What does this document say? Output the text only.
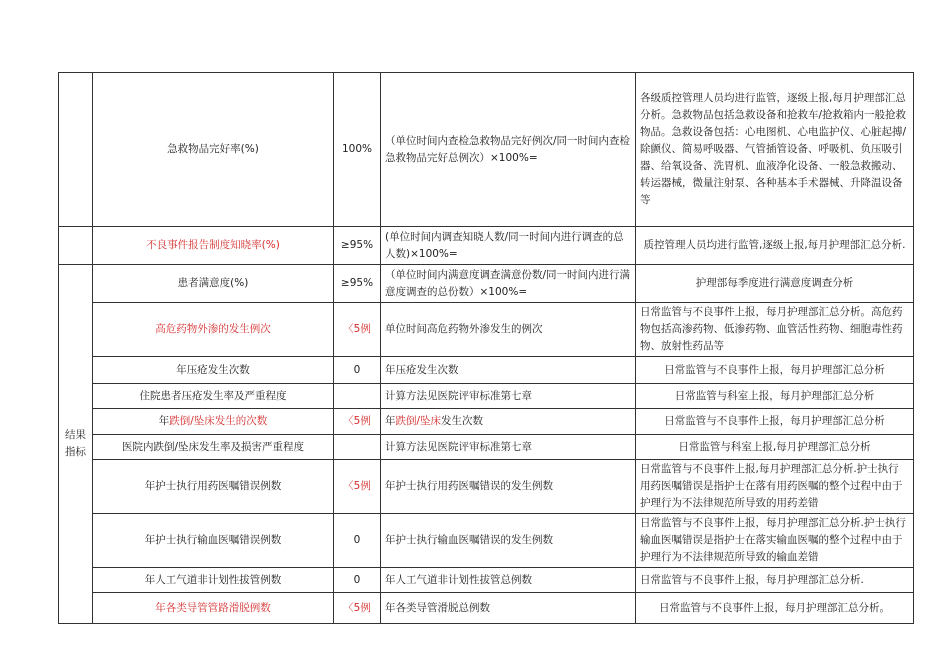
	急救物品完好率(%)	100%	（单位时间内查检急救物品完好例次/同一时间内查检急救物品完好总例次）×100%=	各级质控管理人员均进行监管，逐级上报,每月护理部汇总分析。急救物品包括急救设备和抢救车/抢救箱内一般抢救物品。急救设备包括：心电图机、心电监护仪、心脏起搏/除颤仪、简易呼吸器、气管插管设备、呼吸机、负压吸引器、给氧设备、洗胃机、血液净化设备、一般急救搬动、转运器械，微量注射泵、各种基本手术器械、升降温设备等
	不良事件报告制度知晓率(%)	≥95%	(单位时间内调查知晓人数/同一时间内进行调查的总人数)×100%=	质控管理人员均进行监管,逐级上报,每月护理部汇总分析.
结果指标	患者满意度(%)	≥95%	（单位时间内满意度调查满意份数/同一时间内进行满意度调查的总份数）×100%=	护理部每季度进行满意度调查分析
	高危药物外渗的发生例次	〈5例	单位时间高危药物外渗发生的例次	日常监管与不良事件上报，每月护理部汇总分析。高危药物包括高渗药物、低渗药物、血管活性药物、细胞毒性药物、放射性药品等
	年压疮发生次数	0	年压疮发生次数	日常监管与不良事件上报，每月护理部汇总分析
	住院患者压疮发生率及严重程度		计算方法见医院评审标准第七章	日常监管与科室上报，每月护理部汇总分析
	年跌倒/坠床发生的次数	〈5例	年跌倒/坠床发生次数	日常监管与不良事件上报，每月护理部汇总分析
	医院内跌倒/坠床发生率及损害严重程度		计算方法见医院评审标准第七章	日常监管与科室上报,每月护理部汇总分析
	年护士执行用药医嘱错误例数	〈5例	年护士执行用药医嘱错误的发生例数	日常监管与不良事件上报,每月护理部汇总分析.护士执行用药医嘱错误是指护士在落有用药医嘱的整个过程中由于护理行为不法律规范所导致的用药差错
	年护士执行输血医嘱错误例数	0	年护士执行输血医嘱错误的发生例数	日常监管与不良事件上报，每月护理部汇总分析.护士执行输血医嘱错误是指护士在落实输血医嘱的整个过程中由于护理行为不法律规范所导致的输血差错
	年人工气道非计划性拔管例数	0	年人工气道非计划性拔管总例数	日常监管与不良事件上报，每月护理部汇总分析.
	年各类导管管路滑脱例数	〈5例	年各类导管滑脱总例数	日常监管与不良事件上报，每月护理部汇总分析。
